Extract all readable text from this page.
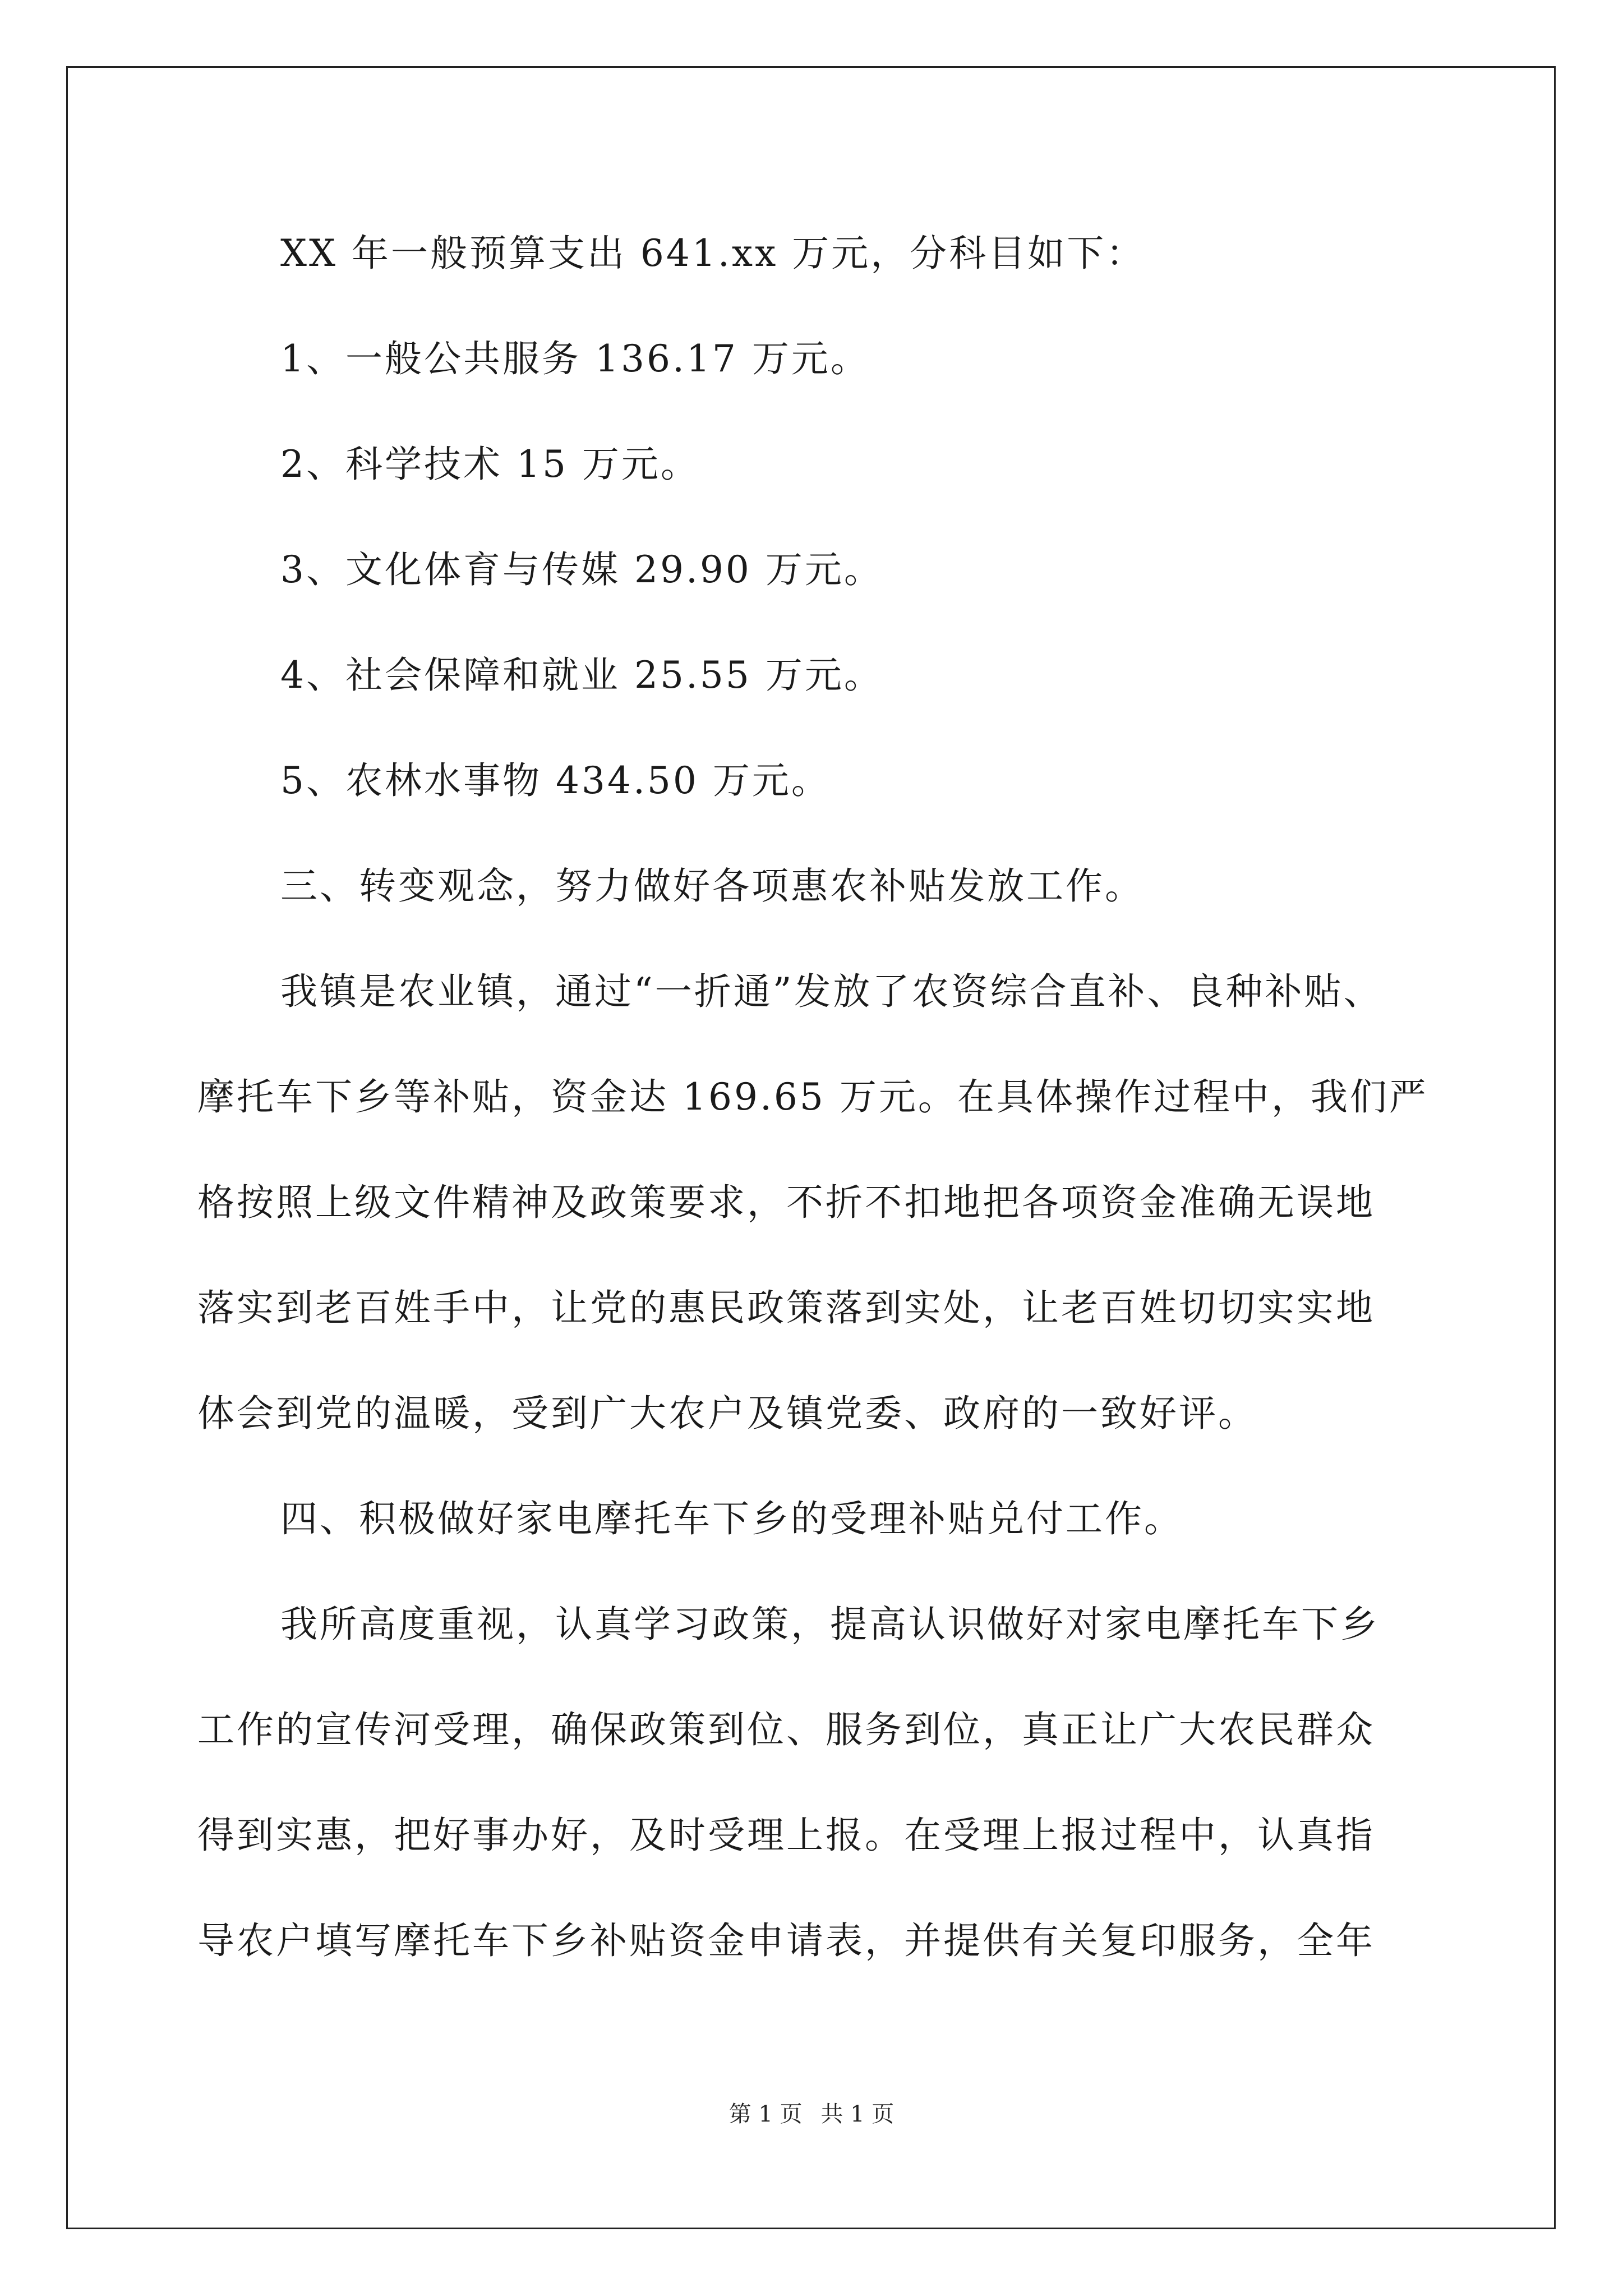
XX 年一般预算支出 641.xx 万元，分科目如下：
1、一般公共服务 136.17 万元。
2、科学技术 15 万元。
3、文化体育与传媒 29.90 万元。
4、社会保障和就业 25.55 万元。
5、农林水事物 434.50 万元。
三、转变观念，努力做好各项惠农补贴发放工作。
我镇是农业镇，通过“一折通”发放了农资综合直补、良种补贴、
摩托车下乡等补贴，资金达 169.65 万元。在具体操作过程中，我们严
格按照上级文件精神及政策要求，不折不扣地把各项资金准确无误地
落实到老百姓手中，让党的惠民政策落到实处，让老百姓切切实实地
体会到党的温暖，受到广大农户及镇党委、政府的一致好评。
四、积极做好家电摩托车下乡的受理补贴兑付工作。
我所高度重视，认真学习政策，提高认识做好对家电摩托车下乡
工作的宣传河受理，确保政策到位、服务到位，真正让广大农民群众
得到实惠，把好事办好，及时受理上报。在受理上报过程中，认真指
导农户填写摩托车下乡补贴资金申请表，并提供有关复印服务，全年
第 1 页 共 1 页
